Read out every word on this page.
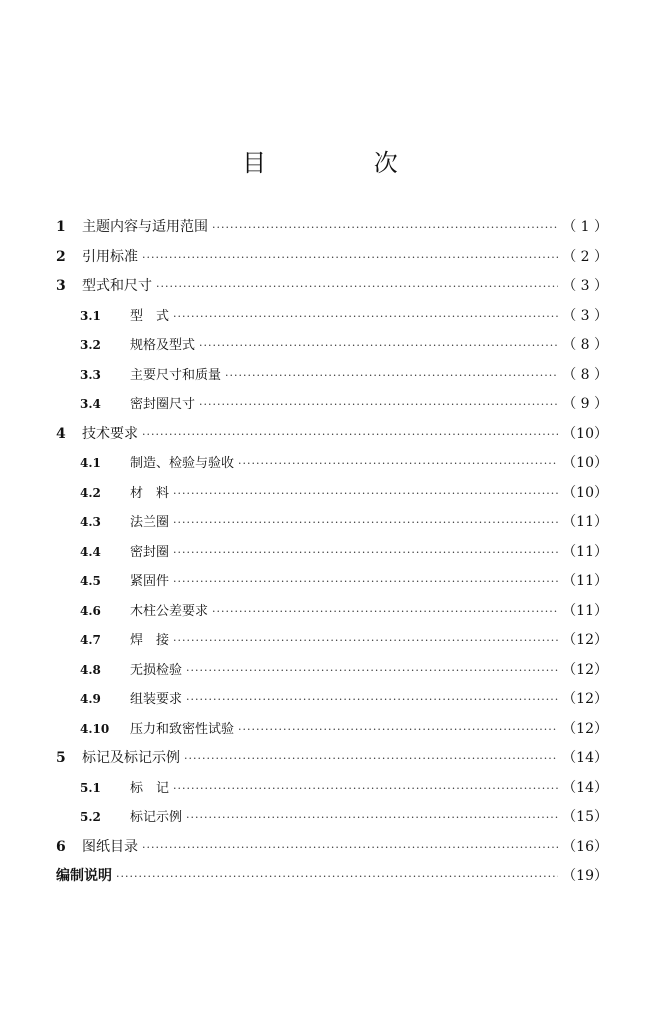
目 次
1	主题内容与适用范围 ·····	（ 1 ）
2	引用标准 ·····	（ 2 ）
3	型式和尺寸 ·····	（ 3 ）
3.1	型　式 ·····	（ 3 ）
3.2	规格及型式 ·····	（ 8 ）
3.3	主要尺寸和质量 ·····	（ 8 ）
3.4	密封圈尺寸 ·····	（ 9 ）
4	技术要求 ·····	（10）
4.1	制造、检验与验收 ·····	（10）
4.2	材　料 ·····	（10）
4.3	法兰圈 ·····	（11）
4.4	密封圈 ·····	（11）
4.5	紧固件 ·····	（11）
4.6	木柱公差要求 ·····	（11）
4.7	焊　接 ·····	（12）
4.8	无损检验 ·····	（12）
4.9	组装要求 ·····	（12）
4.10	压力和致密性试验 ·····	（12）
5	标记及标记示例 ·····	（14）
5.1	标　记 ·····	（14）
5.2	标记示例 ·····	（15）
6	图纸目录 ·····	（16）
编制说明 ·····	（19）
